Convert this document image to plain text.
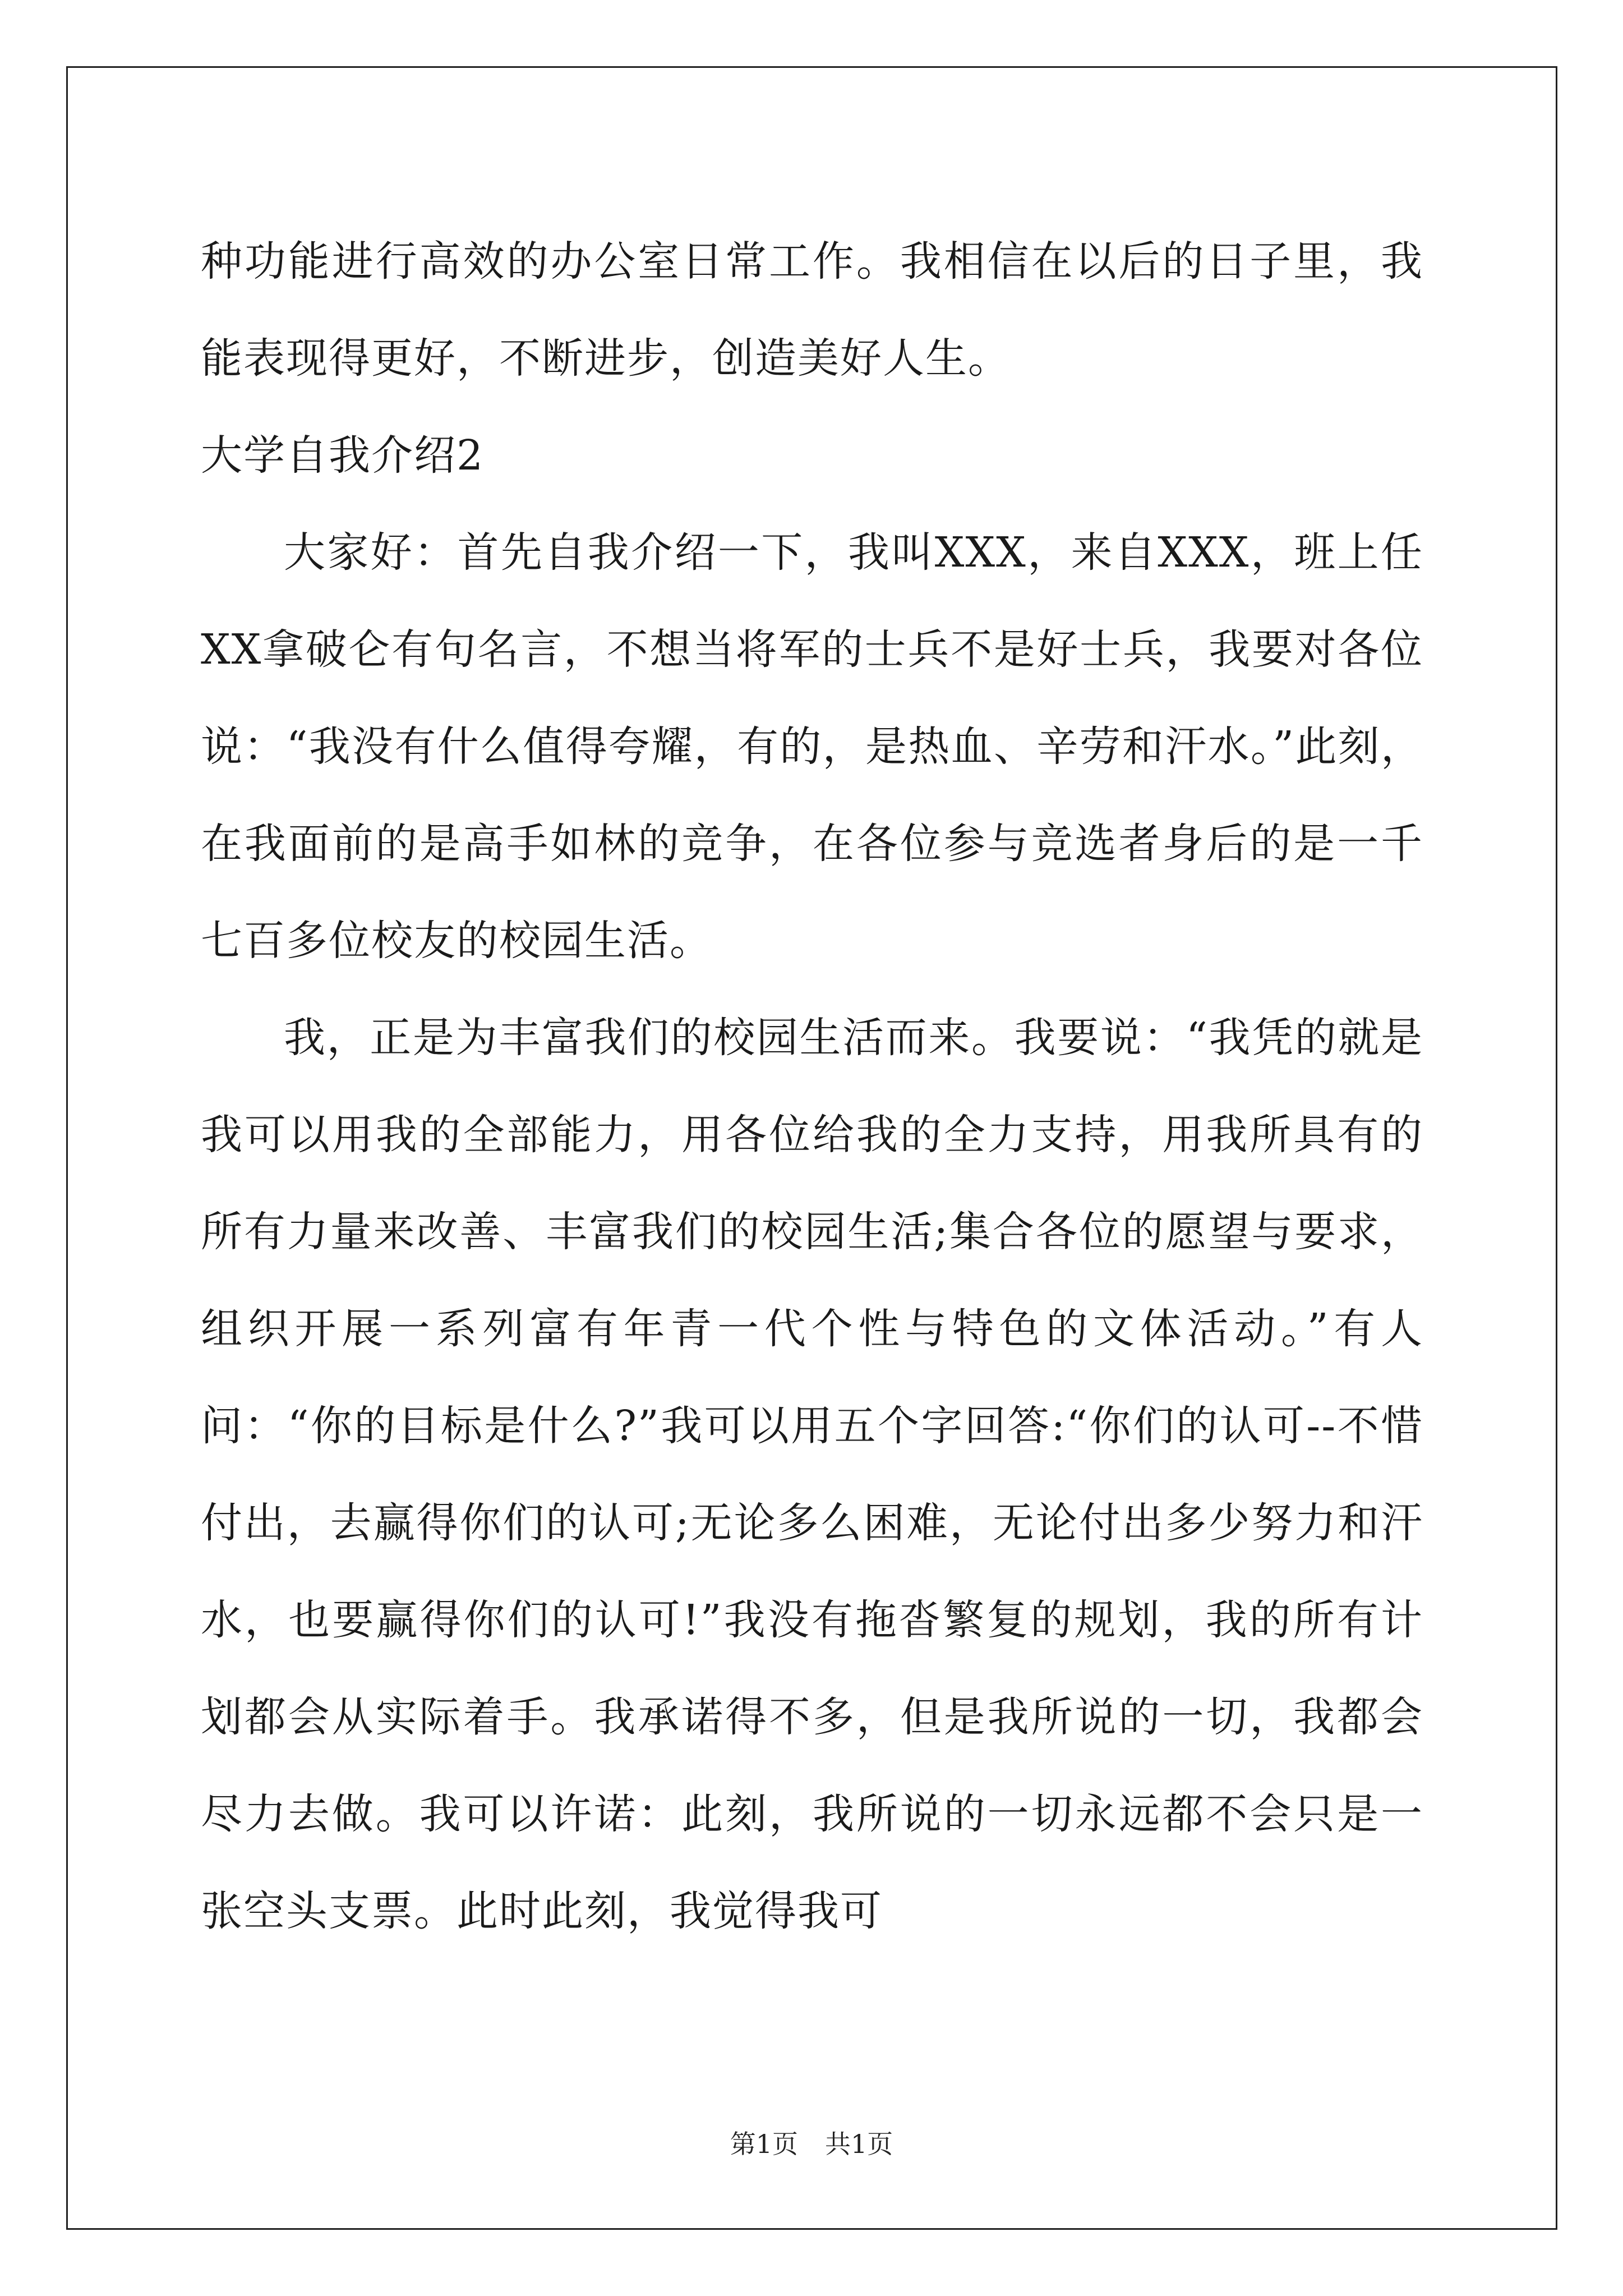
种功能进行高效的办公室日常工作。我相信在以后的日子里，我能表现得更好，不断进步，创造美好人生。

大学自我介绍2

大家好：首先自我介绍一下，我叫XXX，来自XXX，班上任XX拿破仑有句名言，不想当将军的士兵不是好士兵，我要对各位说：“我没有什么值得夸耀，有的，是热血、辛劳和汗水。”此刻，在我面前的是高手如林的竞争，在各位参与竞选者身后的是一千七百多位校友的校园生活。

我，正是为丰富我们的校园生活而来。我要说：“我凭的就是我可以用我的全部能力，用各位给我的全力支持，用我所具有的所有力量来改善、丰富我们的校园生活;集合各位的愿望与要求，组织开展一系列富有年青一代个性与特色的文体活动。”有人问：“你的目标是什么?”我可以用五个字回答:“你们的认可--不惜付出，去赢得你们的认可;无论多么困难，无论付出多少努力和汗水，也要赢得你们的认可!”我没有拖沓繁复的规划，我的所有计划都会从实际着手。我承诺得不多，但是我所说的一切，我都会尽力去做。我可以许诺：此刻，我所说的一切永远都不会只是一张空头支票。此时此刻，我觉得我可

第1页 共1页
